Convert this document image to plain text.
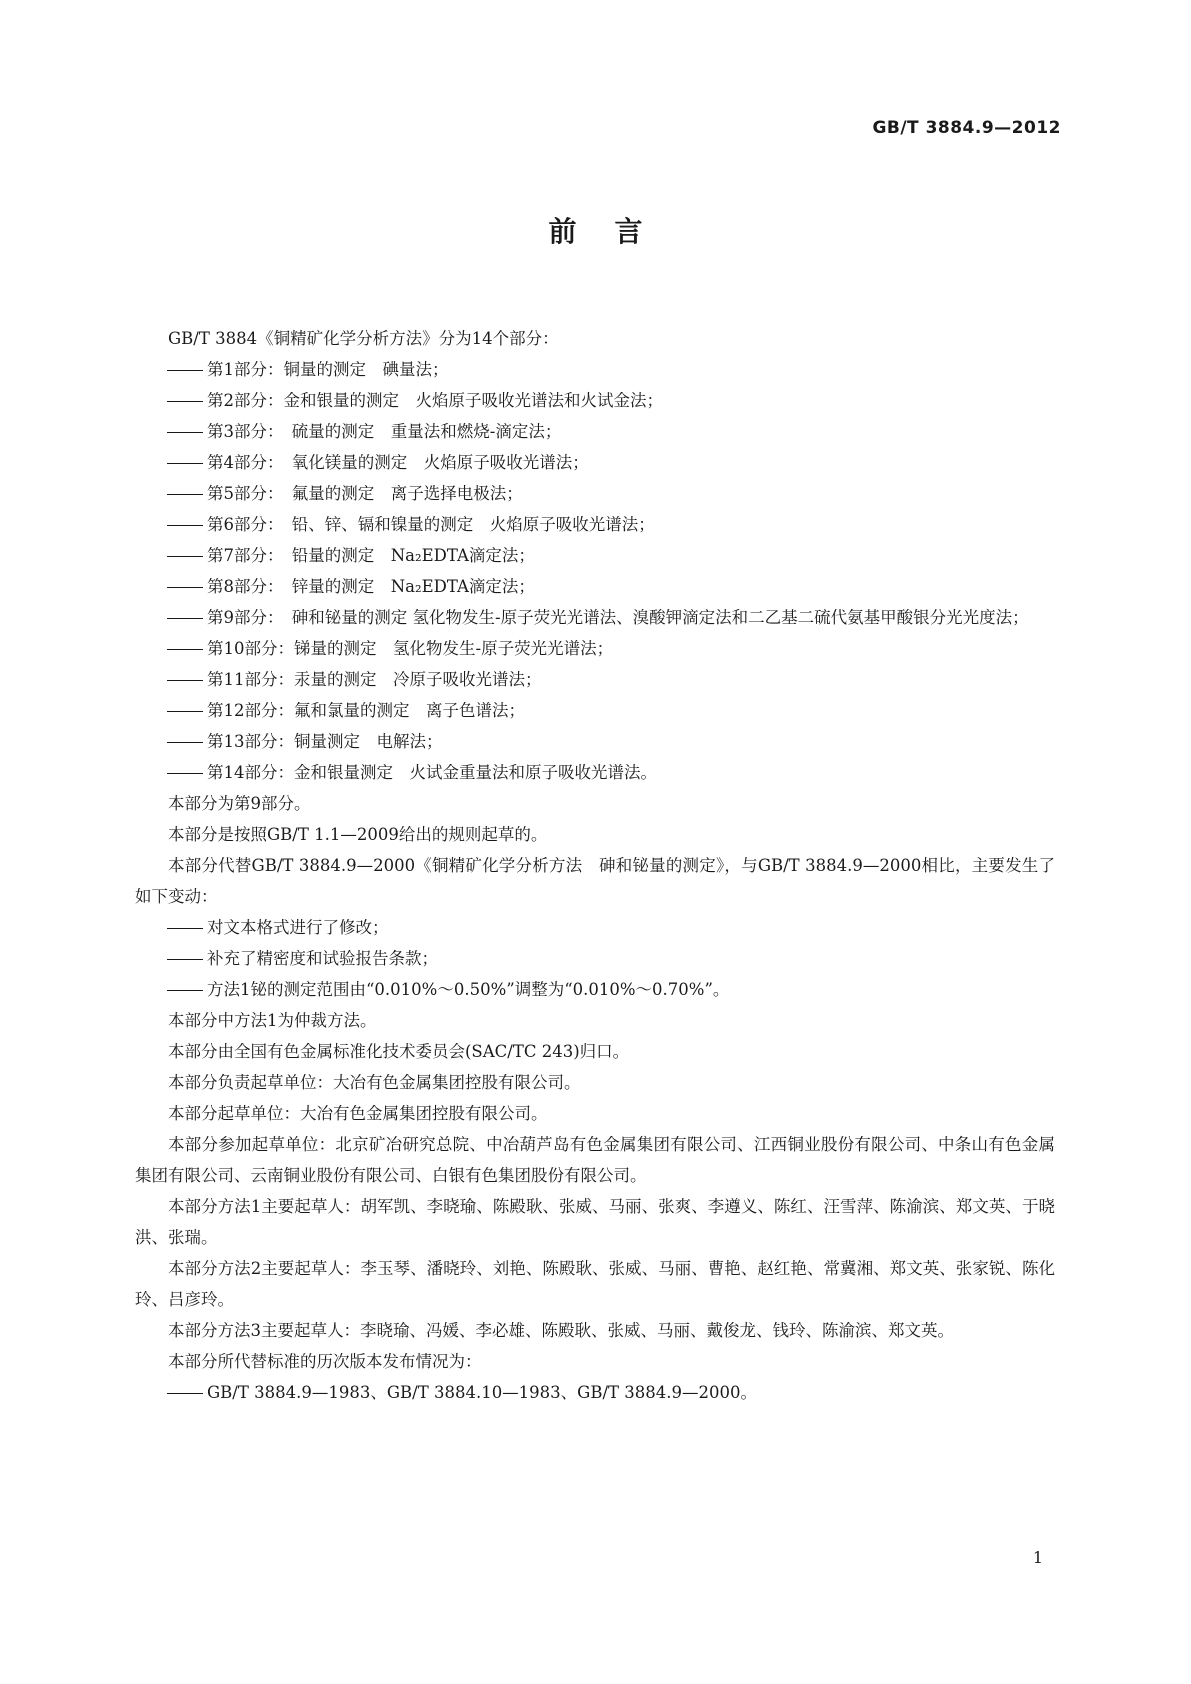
GB/T 3884.9—2012
前言

GB/T 3884《铜精矿化学分析方法》分为14个部分：

第1部分：铜量的测定　碘量法；

第2部分：金和银量的测定　火焰原子吸收光谱法和火试金法；

第3部分：　硫量的测定　重量法和燃烧-滴定法；

第4部分：　氧化镁量的测定　火焰原子吸收光谱法；

第5部分：　氟量的测定　离子选择电极法；

第6部分：　铅、锌、镉和镍量的测定　火焰原子吸收光谱法；

第7部分：　铅量的测定　Na₂EDTA滴定法；

第8部分：　锌量的测定　Na₂EDTA滴定法；

第9部分：　砷和铋量的测定 氢化物发生-原子荧光光谱法、溴酸钾滴定法和二乙基二硫代氨基甲酸银分光光度法；

第10部分：锑量的测定　氢化物发生-原子荧光光谱法；

第11部分：汞量的测定　冷原子吸收光谱法；

第12部分：氟和氯量的测定　离子色谱法；

第13部分：铜量测定　电解法；

第14部分：金和银量测定　火试金重量法和原子吸收光谱法。

本部分为第9部分。

本部分是按照GB/T 1.1—2009给出的规则起草的。

本部分代替GB/T 3884.9—2000《铜精矿化学分析方法　砷和铋量的测定》，与GB/T 3884.9—2000相比，主要发生了如下变动：

对文本格式进行了修改；

补充了精密度和试验报告条款；

方法1铋的测定范围由“0.010%～0.50%”调整为“0.010%～0.70%”。

本部分中方法1为仲裁方法。

本部分由全国有色金属标准化技术委员会(SAC/TC 243)归口。

本部分负责起草单位：大冶有色金属集团控股有限公司。

本部分起草单位：大冶有色金属集团控股有限公司。

本部分参加起草单位：北京矿冶研究总院、中冶葫芦岛有色金属集团有限公司、江西铜业股份有限公司、中条山有色金属集团有限公司、云南铜业股份有限公司、白银有色集团股份有限公司。

本部分方法1主要起草人：胡军凯、李晓瑜、陈殿耿、张威、马丽、张爽、李遵义、陈红、汪雪萍、陈渝滨、郑文英、于晓洪、张瑞。

本部分方法2主要起草人：李玉琴、潘晓玲、刘艳、陈殿耿、张威、马丽、曹艳、赵红艳、常冀湘、郑文英、张家锐、陈化玲、吕彦玲。

本部分方法3主要起草人：李晓瑜、冯媛、李必雄、陈殿耿、张威、马丽、戴俊龙、钱玲、陈渝滨、郑文英。

本部分所代替标准的历次版本发布情况为：

GB/T 3884.9—1983、GB/T 3884.10—1983、GB/T 3884.9—2000。

1
